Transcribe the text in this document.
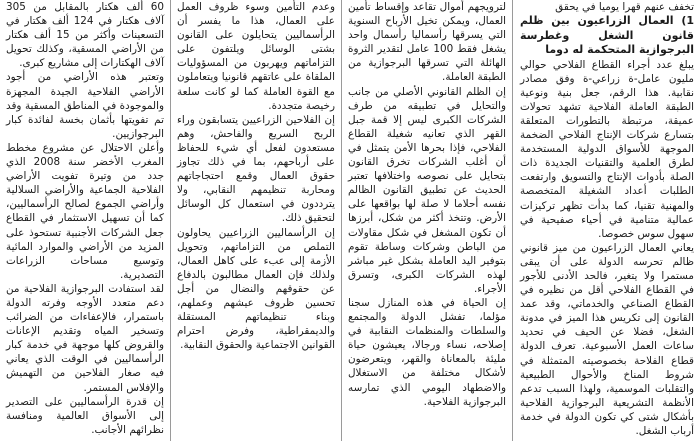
تخفف عنهم قهرا يوميا في يحقق

1) العمال الزراعيون بين ظلم قانون الشغل وغطرسة البرجوازية المتحكمة له دوما

يبلغ عدد أجراء القطاع الفلاحي حوالي مليون عامل-ة زراعي-ة وفق مصادر نقابية. هذا الرقم، جعل بنية ونوعية الطبقة العاملة الفلاحية تشهد تحولات عميقة، مرتبطة بالتطورات المتعلقة بتسارع شركات الإنتاج الفلاحي الضخمة الموجهة للأسواق الدولية المستخدمة لطرق العلمية والتقنيات الجديدة ذات الصلة بأدوات الإنتاج والتسويق وارتفعت الطلبات أعداد الشغيلة المتخصصة والمهنية تقنيا، كما بدأت تظهر تركيزات عمالية متنامية في أحياء صفيحية في سهول سوس خصوصا.

يعاني العمال الزراعيون من ميز قانوني ظالم تحرسه الدولة على أن يبقى مستمرا ولا يتغير، فالحد الأدنى للأجور في القطاع الفلاحي أقل من نظيره في القطاع الصناعي والخدماتي، وقد عمد القانون إلى تكريس هذا الميز في مدونة الشغل، فضلا عن الحيف في تحديد ساعات العمل الأسبوعية. تعرف الدولة قطاع الفلاحة بخصوصيته المتمثلة في شروط المناخ والأحوال الطبيعية والتقلبات الموسمية، ولهذا السبب تدعم الأنظمة التشريعية البرجوازية الفلاحية بأشكال شتى كي تكون الدولة في خدمة أرباب الشغل.

لترويجهم أموال تقاعد وإقساط تأمين العمال، ويمكن تخيل الأرباح السنوية التي يسرقها رأسماليا رأسمال واحد يشغل فقط 100 عامل لتقدير الثروة الهائلة التي تسرقها البرجوازية من الطبقة العاملة.

إن الظلم القانوني الأصلي من جانب والتحايل في تطبيقه من طرف الشركات الكبرى ليس إلا قمة جبل القهر الذي تعانيه شغيلة القطاع الفلاحي، فإذا بحرها الأمن يتمثل في أن أغلب الشركات تخرق القانون بتحايل على نصوصه واختلافها تعتبر الحديث عن تطبيق القانون الظالم نفسه أحلاما لا صلة لها بواقعها على الأرض. وتتخذ أكثر من شكل، أبرزها أن تكون المشغل في شكل مقاولات من الباطن وشركات وساطة تقوم بتوفير اليد العاملة بشكل غير مباشر لهذه الشركات الكبرى، وتسرق الأجراء.

إن الحياة في هذه المنازل سجنا مؤلما، تفشل الدولة والمجتمع والسلطات والمنظمات النقابية في إصلاحه، نساء ورجالا، يعيشون حياة مليئة بالمعاناة والقهر، ويتعرضون لأشكال مختلفة من الاستغلال والاضطهاد اليومي الذي تمارسه البرجوازية الفلاحية.

وعدم التأمين وسوء ظروف العمل على العمال، هذا ما يفسر أن الرأسماليين يتحايلون على القانون بشتى الوسائل ويلتفون على التزاماتهم ويهربون من المسؤوليات الملقاة على عاتقهم قانونيا ويتعاملون مع القوة العاملة كما لو كانت سلعة رخيصة متجددة.

إن الفلاحين الزراعيين يتسابقون وراء الربح السريع والفاحش، وهم مستعدون لفعل أي شيء للحفاظ على أرباحهم، بما في ذلك تجاوز حقوق العمال وقمع احتجاجاتهم ومحاربة تنظيمهم النقابي، ولا يترددون في استعمال كل الوسائل لتحقيق ذلك.

إن الرأسماليين الزراعيين يحاولون التملص من التزاماتهم، وتحويل الأزمة إلى عبء على كاهل العمال، ولذلك فإن العمال مطالبون بالدفاع عن حقوقهم والنضال من أجل تحسين ظروف عيشهم وعملهم، وبناء تنظيماتهم المستقلة والديمقراطية، وفرض احترام القوانين الاجتماعية والحقوق النقابية.

60 ألف هكتار بالمقابل من 305 آلاف هكتار في 124 ألف هكتار في التسعينات وأكثر من 15 ألف هكتار من الأراضي المسقية، وكذلك تحويل آلاف الهكتارات إلى مشاريع كبرى.

وتعتبر هذه الأراضي من أجود الأراضي الفلاحية الجيدة المجهزة والموجودة في المناطق المسقية وقد تم تفويتها بأثمان بخسة لفائدة كبار البرجوازيين.

وأعلن الاحتلال عن مشروع مخطط المغرب الأخضر سنة 2008 الذي جدد من وتيرة تفويت الأراضي الفلاحية الجماعية والأراضي السلالية وأراضي الجموع لصالح الرأسماليين، كما أن تسهيل الاستثمار في القطاع جعل الشركات الأجنبية تستحوذ على المزيد من الأراضي والموارد المائية وتوسيع مساحات الزراعات التصديرية.

لقد استفادت البرجوازية الفلاحية من دعم متعدد الأوجه وفرته الدولة باستمرار، فالإعفاءات من الضرائب وتسخير المياه وتقديم الإعانات والقروض كلها موجهة في خدمة كبار الرأسماليين في الوقت الذي يعاني فيه صغار الفلاحين من التهميش والإفلاس المستمر.

إن قدرة الرأسماليين على التصدير إلى الأسواق العالمية ومنافسة نظرائهم الأجانب.
